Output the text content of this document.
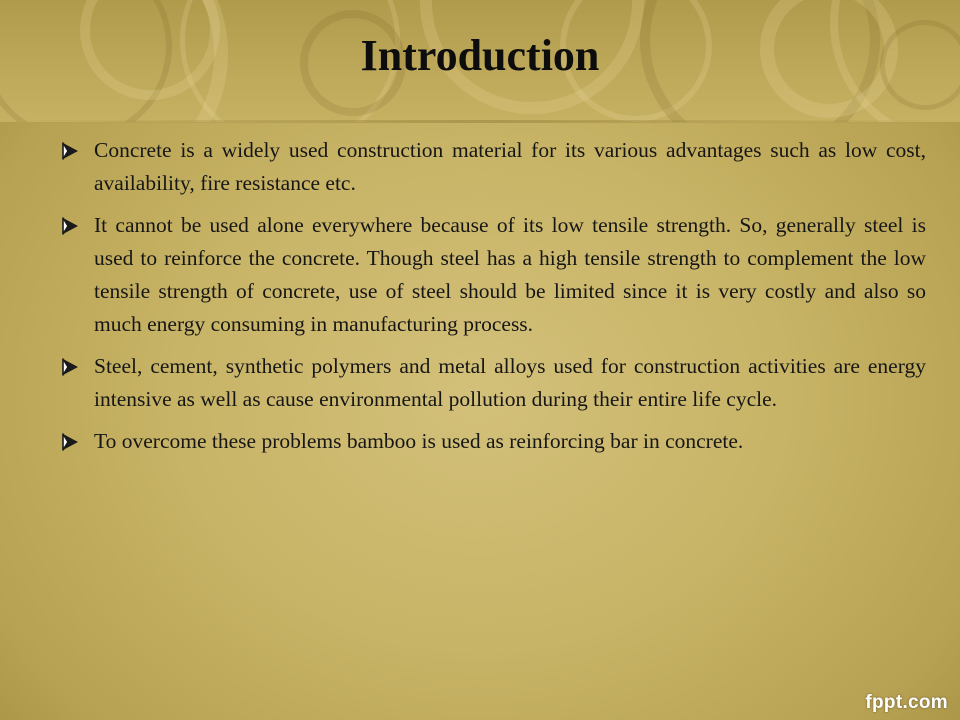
Introduction
Concrete is a widely used construction material for its various advantages such as low cost, availability, fire resistance etc.
It cannot be used alone everywhere because of its low tensile strength. So, generally steel is used to reinforce the concrete. Though steel has a high tensile strength to complement the low tensile strength of concrete, use of steel should be limited since it is very costly and also so much energy consuming in manufacturing process.
Steel, cement, synthetic polymers and metal alloys used for construction activities are energy intensive as well as cause environmental pollution during their entire life cycle.
To overcome these problems bamboo is used as reinforcing bar in concrete.
fppt.com
